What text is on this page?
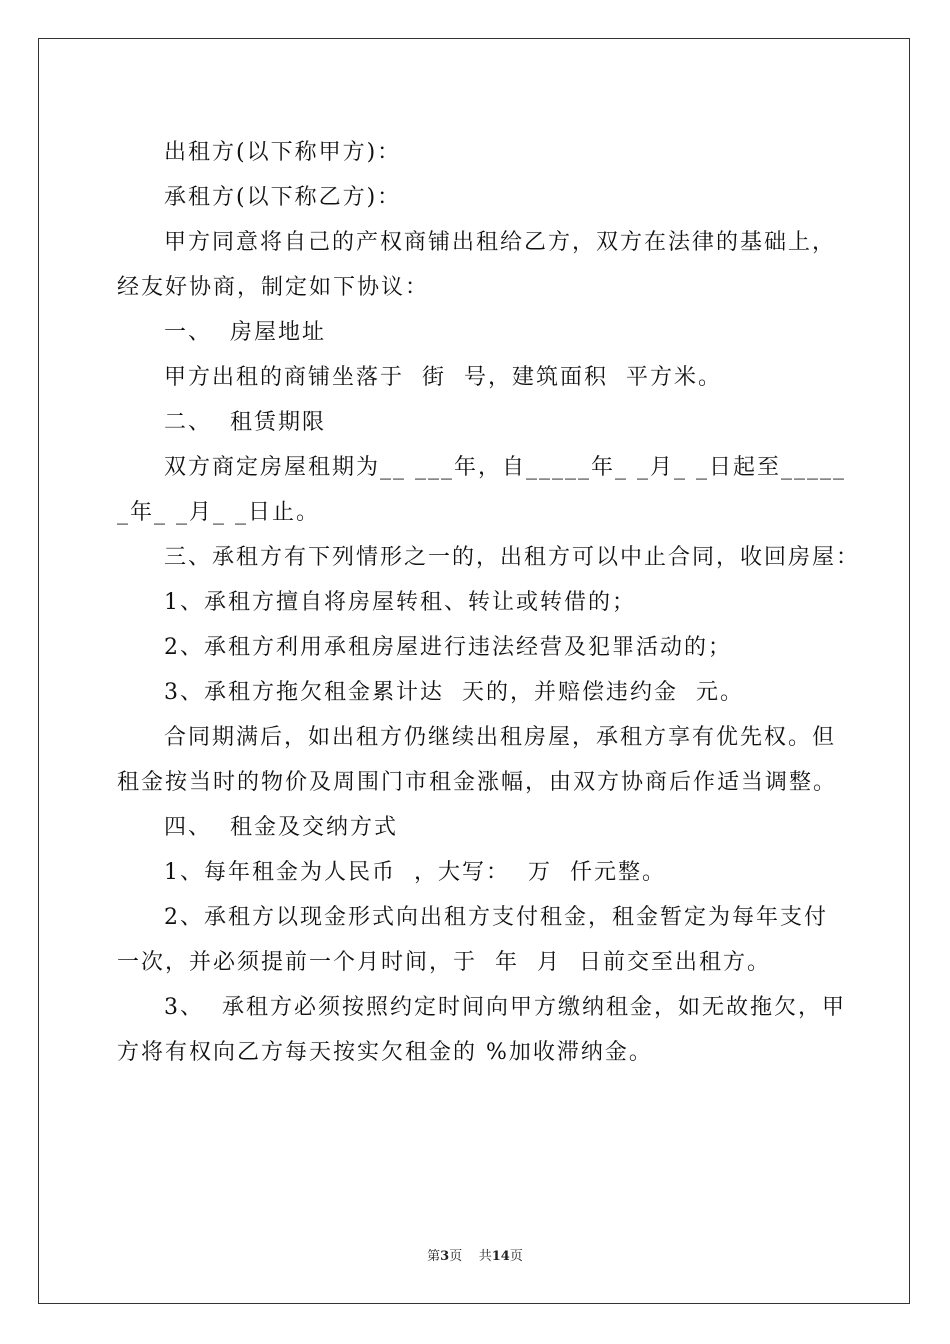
出租方(以下称甲方)：
承租方(以下称乙方)：
甲方同意将自己的产权商铺出租给乙方，双方在法律的基础上，
经友好协商，制定如下协议：
一、  房屋地址
甲方出租的商铺坐落于  街  号，建筑面积  平方米。
二、  租赁期限
双方商定房屋租期为__ ___年，自_____年_ _月_ _日起至_____
_年_ _月_ _日止。
三、承租方有下列情形之一的，出租方可以中止合同，收回房屋：
1、承租方擅自将房屋转租、转让或转借的；
2、承租方利用承租房屋进行违法经营及犯罪活动的；
3、承租方拖欠租金累计达  天的，并赔偿违约金  元。
合同期满后，如出租方仍继续出租房屋，承租方享有优先权。但
租金按当时的物价及周围门市租金涨幅，由双方协商后作适当调整。
四、  租金及交纳方式
1、每年租金为人民币  ，大写：  万  仟元整。
2、承租方以现金形式向出租方支付租金，租金暂定为每年支付
一次，并必须提前一个月时间，于  年  月  日前交至出租方。
3、  承租方必须按照约定时间向甲方缴纳租金，如无故拖欠，甲
方将有权向乙方每天按实欠租金的 %加收滞纳金。
第3页    共14页
